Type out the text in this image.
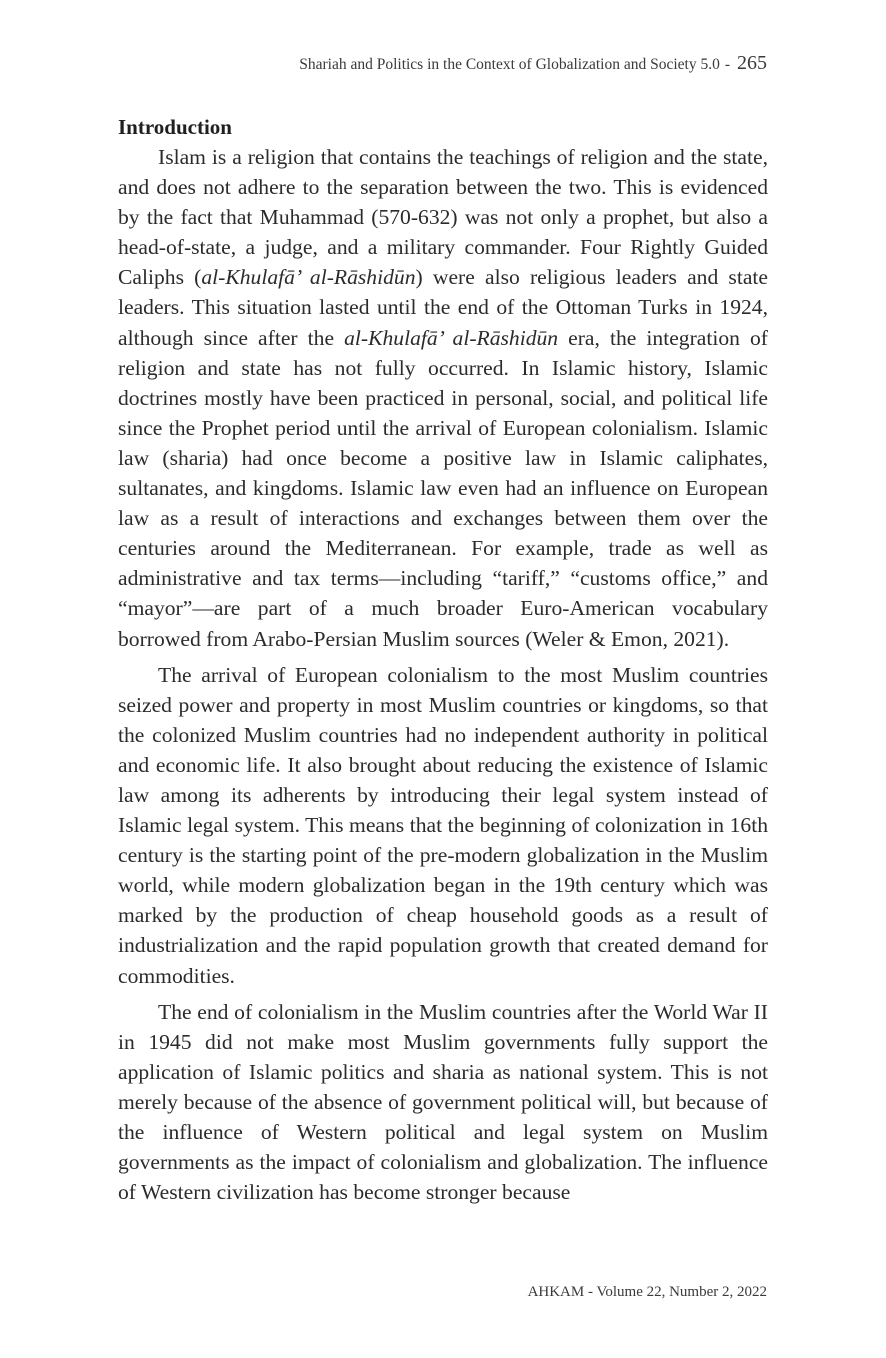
Shariah and Politics in the Context of Globalization and Society 5.0 - 265
Introduction

Islam is a religion that contains the teachings of religion and the state, and does not adhere to the separation between the two. This is evidenced by the fact that Muhammad (570-632) was not only a prophet, but also a head-of-state, a judge, and a military commander. Four Rightly Guided Caliphs (al-Khulafā’ al-Rāshidūn) were also religious leaders and state leaders. This situation lasted until the end of the Ottoman Turks in 1924, although since after the al-Khulafā’ al-Rāshidūn era, the integration of religion and state has not fully occurred. In Islamic history, Islamic doctrines mostly have been practiced in personal, social, and political life since the Prophet period until the arrival of European colonialism. Islamic law (sharia) had once become a positive law in Islamic caliphates, sultanates, and kingdoms. Islamic law even had an influence on European law as a result of interactions and exchanges between them over the centuries around the Mediterranean. For example, trade as well as administrative and tax terms—including “tariff,” “customs office,” and “mayor”—are part of a much broader Euro-American vocabulary borrowed from Arabo-Persian Muslim sources (Weler & Emon, 2021).

The arrival of European colonialism to the most Muslim countries seized power and property in most Muslim countries or kingdoms, so that the colonized Muslim countries had no independent authority in political and economic life. It also brought about reducing the existence of Islamic law among its adherents by introducing their legal system instead of Islamic legal system. This means that the beginning of colonization in 16th century is the starting point of the pre-modern globalization in the Muslim world, while modern globalization began in the 19th century which was marked by the production of cheap household goods as a result of industrialization and the rapid population growth that created demand for commodities.

The end of colonialism in the Muslim countries after the World War II in 1945 did not make most Muslim governments fully support the application of Islamic politics and sharia as national system. This is not merely because of the absence of government political will, but because of the influence of Western political and legal system on Muslim governments as the impact of colonialism and globalization. The influence of Western civilization has become stronger because

AHKAM - Volume 22, Number 2, 2022
